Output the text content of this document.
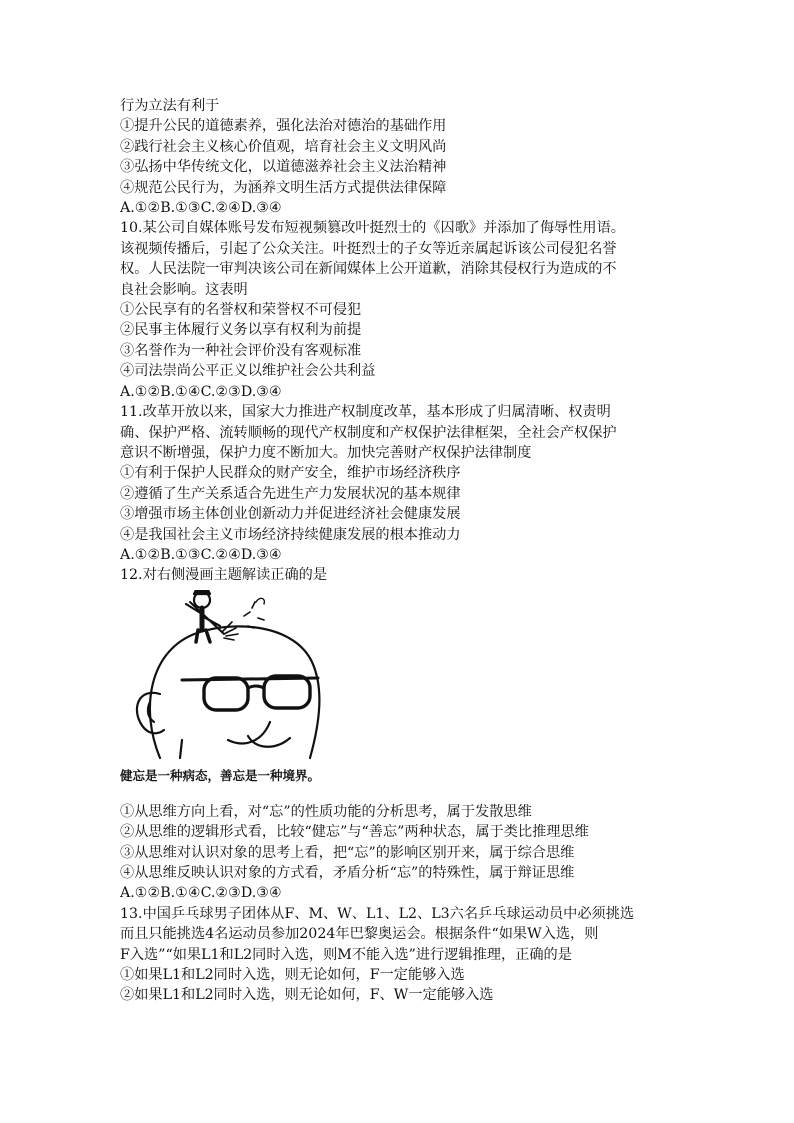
行为立法有利于
①提升公民的道德素养，强化法治对德治的基础作用
②践行社会主义核心价值观，培育社会主义文明风尚
③弘扬中华传统文化，以道德滋养社会主义法治精神
④规范公民行为，为涵养文明生活方式提供法律保障
A.①②B.①③C.②④D.③④
10.某公司自媒体账号发布短视频篡改叶挺烈士的《囚歌》并添加了侮辱性用语。
该视频传播后，引起了公众关注。叶挺烈士的子女等近亲属起诉该公司侵犯名誉
权。人民法院一审判决该公司在新闻媒体上公开道歉，消除其侵权行为造成的不
良社会影响。这表明
①公民享有的名誉权和荣誉权不可侵犯
②民事主体履行义务以享有权利为前提
③名誉作为一种社会评价没有客观标准
④司法崇尚公平正义以维护社会公共利益
A.①②B.①④C.②③D.③④
11.改革开放以来，国家大力推进产权制度改革，基本形成了归属清晰、权责明
确、保护严格、流转顺畅的现代产权制度和产权保护法律框架，全社会产权保护
意识不断增强，保护力度不断加大。加快完善财产权保护法律制度
①有利于保护人民群众的财产安全，维护市场经济秩序
②遵循了生产关系适合先进生产力发展状况的基本规律
③增强市场主体创业创新动力并促进经济社会健康发展
④是我国社会主义市场经济持续健康发展的根本推动力
A.①②B.①③C.②④D.③④
12.对右侧漫画主题解读正确的是
健忘是一种病态，善忘是一种境界。
①从思维方向上看，对“忘”的性质功能的分析思考，属于发散思维
②从思维的逻辑形式看，比较“健忘”与“善忘”两种状态，属于类比推理思维
③从思维对认识对象的思考上看，把“忘”的影响区别开来，属于综合思维
④从思维反映认识对象的方式看，矛盾分析“忘”的特殊性，属于辩证思维
A.①②B.①④C.②③D.③④
13.中国乒乓球男子团体从F、M、W、L1、L2、L3六名乒乓球运动员中必须挑选
而且只能挑选4名运动员参加2024年巴黎奥运会。根据条件“如果W入选，则
F入选”“如果L1和L2同时入选，则M不能入选”进行逻辑推理，正确的是
①如果L1和L2同时入选，则无论如何，F一定能够入选
②如果L1和L2同时入选，则无论如何，F、W一定能够入选
